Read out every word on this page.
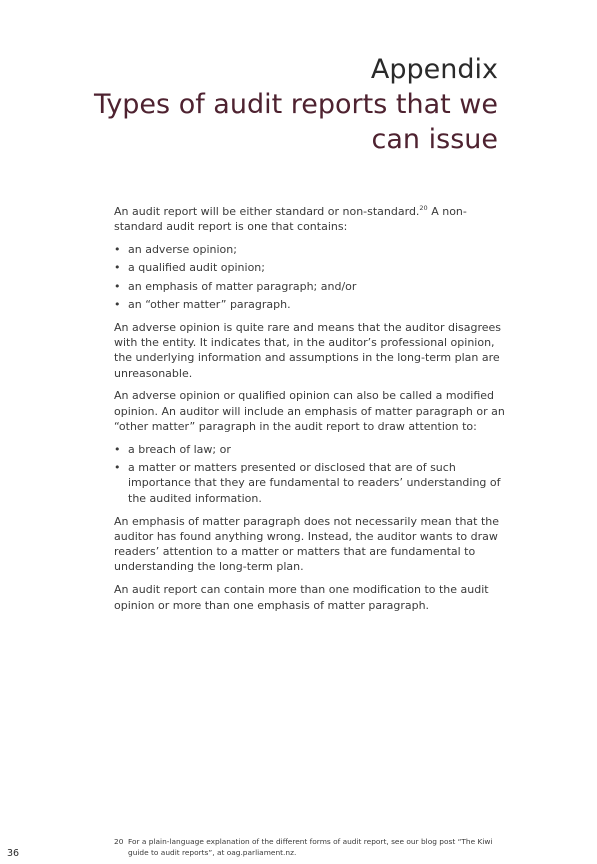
Appendix
Types of audit reports that we
can issue

An audit report will be either standard or non-standard.$^{20}$ A non-standard audit report is one that contains:

• an adverse opinion;
• a qualified audit opinion;
• an emphasis of matter paragraph; and/or
• an “other matter” paragraph.

An adverse opinion is quite rare and means that the auditor disagrees with the entity. It indicates that, in the auditor’s professional opinion, the underlying information and assumptions in the long-term plan are unreasonable.

An adverse opinion or qualified opinion can also be called a modified opinion. An auditor will include an emphasis of matter paragraph or an “other matter” paragraph in the audit report to draw attention to:

• a breach of law; or
• a matter or matters presented or disclosed that are of such importance that they are fundamental to readers’ understanding of the audited information.

An emphasis of matter paragraph does not necessarily mean that the auditor has found anything wrong. Instead, the auditor wants to draw readers’ attention to a matter or matters that are fundamental to understanding the long-term plan.

An audit report can contain more than one modification to the audit opinion or more than one emphasis of matter paragraph.

20 For a plain-language explanation of the different forms of audit report, see our blog post “The Kiwi guide to audit reports”, at oag.parliament.nz.
36
